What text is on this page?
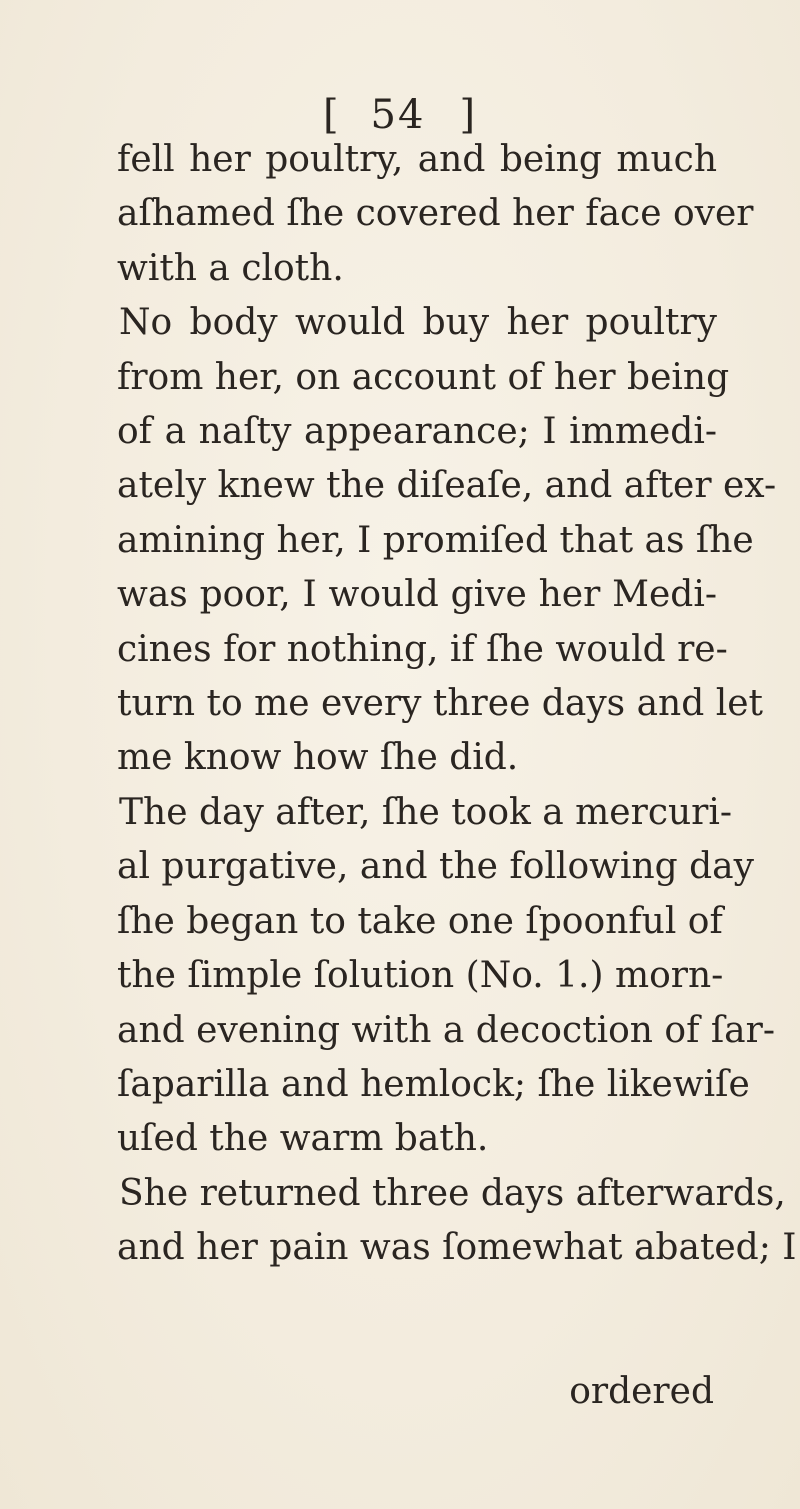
[ 54 ]

fell her poultry, and being much
aſhamed ſhe covered her face over
with a cloth.

No body would buy her poultry
from her, on account of her being
of a naſty appearance; I immedi-
ately knew the diſeaſe, and after ex-
amining her, I promiſed that as ſhe
was poor, I would give her Medi-
cines for nothing, if ſhe would re-
turn to me every three days and let
me know how ſhe did.

The day after, ſhe took a mercuri-
al purgative, and the following day
ſhe began to take one ſpoonful of
the ſimple ſolution (No. 1.) morn-
and evening with a decoction of ſar-
ſaparilla and hemlock; ſhe likewiſe
uſed the warm bath.

She returned three days afterwards,
and her pain was ſomewhat abated; I

ordered
